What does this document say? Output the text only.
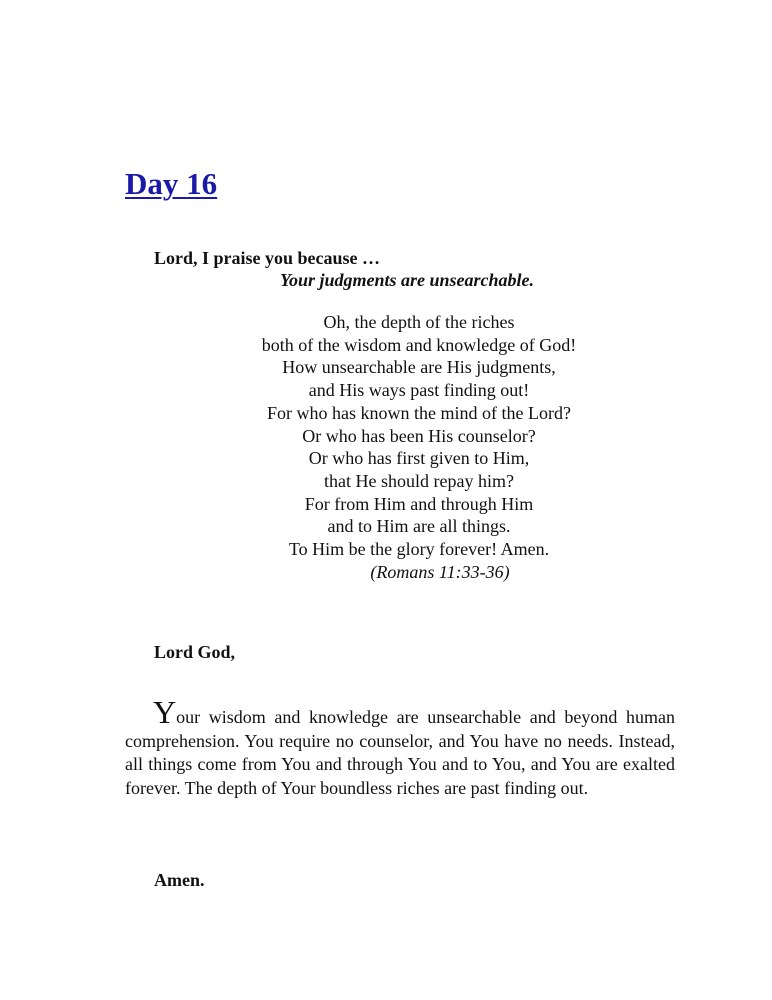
Day 16
Lord, I praise you because …
Your judgments are unsearchable.
Oh, the depth of the riches
both of the wisdom and knowledge of God!
How unsearchable are His judgments,
and His ways past finding out!
For who has known the mind of the Lord?
Or who has been His counselor?
Or who has first given to Him,
that He should repay him?
For from Him and through Him
and to Him are all things.
To Him be the glory forever! Amen.
(Romans 11:33-36)
Lord God,

Your wisdom and knowledge are unsearchable and beyond human comprehension. You require no counselor, and You have no needs. Instead, all things come from You and through You and to You, and You are exalted forever. The depth of Your boundless riches are past finding out.

Amen.
